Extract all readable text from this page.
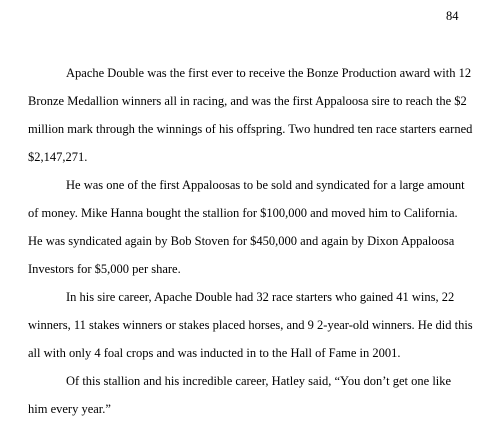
84
Apache Double was the first ever to receive the Bonze Production award with 12
Bronze Medallion winners all in racing, and was the first Appaloosa sire to reach the $2
million mark through the winnings of his offspring. Two hundred ten race starters earned
$2,147,271.
He was one of the first Appaloosas to be sold and syndicated for a large amount
of money. Mike Hanna bought the stallion for $100,000 and moved him to California.
He was syndicated again by Bob Stoven for $450,000 and again by Dixon Appaloosa
Investors for $5,000 per share.
In his sire career, Apache Double had 32 race starters who gained 41 wins, 22
winners, 11 stakes winners or stakes placed horses, and 9 2-year-old winners. He did this
all with only 4 foal crops and was inducted in to the Hall of Fame in 2001.
Of this stallion and his incredible career, Hatley said, “You don’t get one like
him every year.”
